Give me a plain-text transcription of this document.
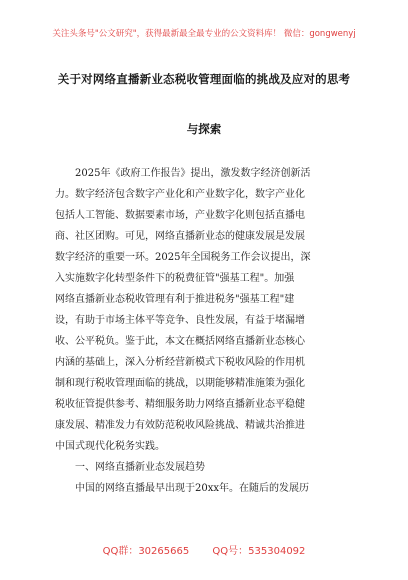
关注头条号"公文研究"，获得最新最全最专业的公文资料库！ 微信：gongwenyj
关于对网络直播新业态税收管理面临的挑战及应对的思考
与探索
2025年《政府工作报告》提出，激发数字经济创新活
力。数字经济包含数字产业化和产业数字化，数字产业化
包括人工智能、数据要素市场，产业数字化则包括直播电
商、社区团购。可见，网络直播新业态的健康发展是发展
数字经济的重要一环。2025年全国税务工作会议提出，深
入实施数字化转型条件下的税费征管"强基工程"。加强
网络直播新业态税收管理有利于推进税务"强基工程"建
设，有助于市场主体平等竞争、良性发展，有益于堵漏增
收、公平税负。鉴于此，本文在概括网络直播新业态核心
内涵的基础上，深入分析经营新模式下税收风险的作用机
制和现行税收管理面临的挑战，以期能够精准施策为强化
税收征管提供参考、精细服务助力网络直播新业态平稳健
康发展、精准发力有效防范税收风险挑战、精诚共治推进
中国式现代化税务实践。
一、网络直播新业态发展趋势
中国的网络直播最早出现于20xx年。在随后的发展历
QQ群：30265665 QQ号：535304092
